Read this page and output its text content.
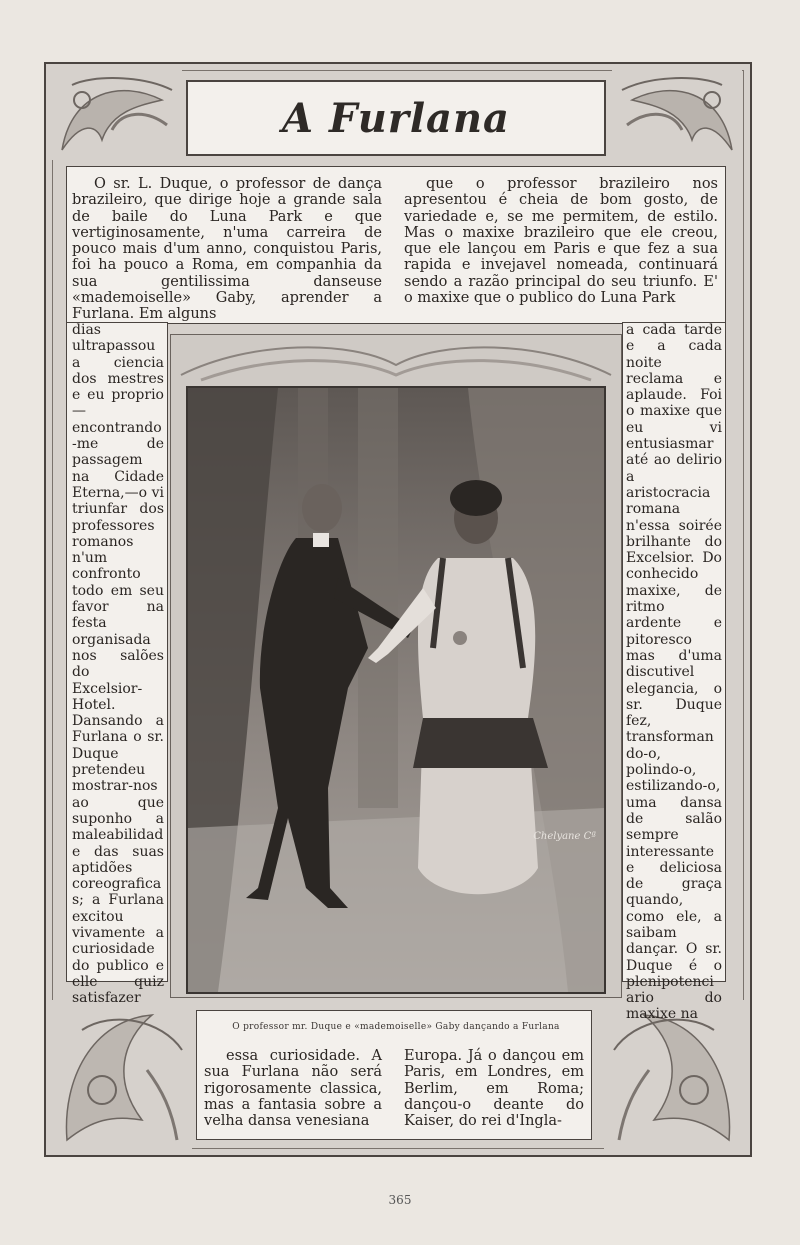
A Furlana

O sr. L. Duque, o professor de dança brazileiro, que dirige hoje a grande sala de baile do Luna Park e que vertiginosamente, n'uma carreira de pouco mais d'um anno, conquistou Paris, foi ha pouco a Roma, em companhia da sua gentilissima danseuse «mademoiselle» Gaby, aprender a Furlana. Em alguns

que o professor brazileiro nos apresentou é cheia de bom gosto, de variedade e, se me permitem, de estilo. Mas o maxixe brazileiro que ele creou, que ele lançou em Paris e que fez a sua rapida e invejavel nomeada, continuará sendo a razão principal do seu triunfo. E' o maxixe que o publico do Luna Park

dias ultrapassou a ciencia dos mestres e eu proprio —encontrando-me de passagem na Cidade Eterna,—o vi triunfar dos professores romanos n'um confronto todo em seu favor na festa organisada nos salões do Excelsior-Hotel. Dansando a Furlana o sr. Duque pretendeu mostrar-nos ao que suponho a maleabilidade das suas aptidões coreograficas; a Furlana excitou vivamente a curiosidade do publico e elle quiz satisfazer

a cada tarde e a cada noite reclama e aplaude. Foi o maxixe que eu vi entusiasmar até ao delirio a aristocracia romana n'essa soirée brilhante do Excelsior. Do conhecido maxixe, de ritmo ardente e pitoresco mas d'uma discutivel elegancia, o sr. Duque fez, transformando-o, polindo-o, estilizando-o, uma dansa de salão sempre interessante e deliciosa de graça quando, como ele, a saibam dançar. O sr. Duque é o plenipotenciario do maxixe na

Chelyane Cª
O professor mr. Duque e «mademoiselle» Gaby dançando a Furlana

essa curiosidade. A sua Furlana não será rigorosamente classica, mas a fantasia sobre a velha dansa venesiana

Europa. Já o dançou em Paris, em Londres, em Berlim, em Roma; dançou-o deante do Kaiser, do rei d'Ingla-

365
